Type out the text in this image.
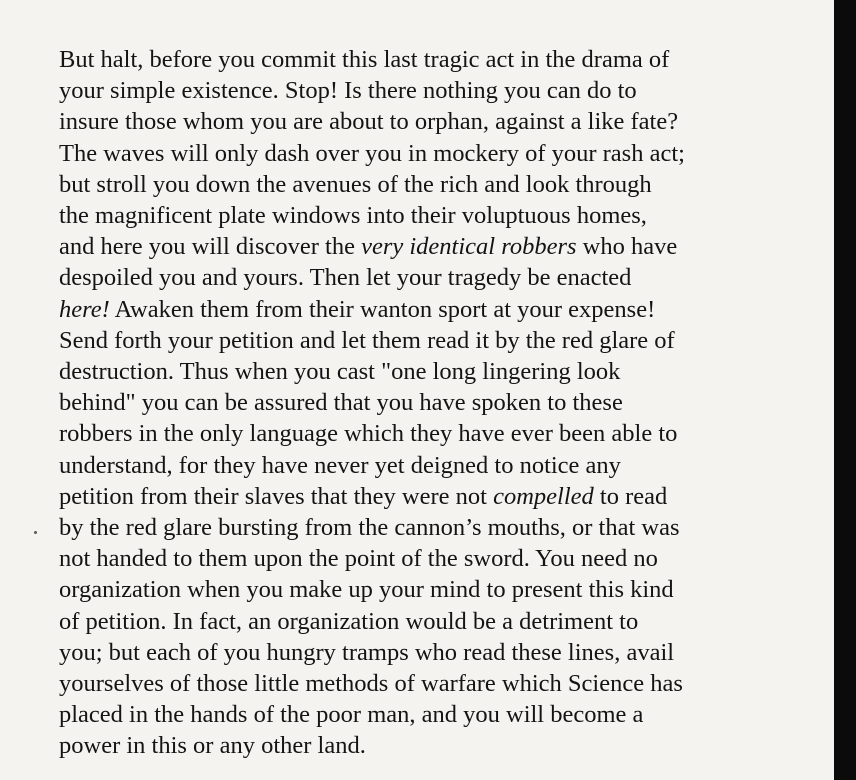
But halt, before you commit this last tragic act in the drama of
your simple existence. Stop! Is there nothing you can do to
insure those whom you are about to orphan, against a like fate?
The waves will only dash over you in mockery of your rash act;
but stroll you down the avenues of the rich and look through
the magnificent plate windows into their voluptuous homes,
and here you will discover the very identical robbers who have
despoiled you and yours. Then let your tragedy be enacted
here! Awaken them from their wanton sport at your expense!
Send forth your petition and let them read it by the red glare of
destruction. Thus when you cast "one long lingering look
behind" you can be assured that you have spoken to these
robbers in the only language which they have ever been able to
understand, for they have never yet deigned to notice any
petition from their slaves that they were not compelled to read
by the red glare bursting from the cannon’s mouths, or that was
not handed to them upon the point of the sword. You need no
organization when you make up your mind to present this kind
of petition. In fact, an organization would be a detriment to
you; but each of you hungry tramps who read these lines, avail
yourselves of those little methods of warfare which Science has
placed in the hands of the poor man, and you will become a
power in this or any other land.
